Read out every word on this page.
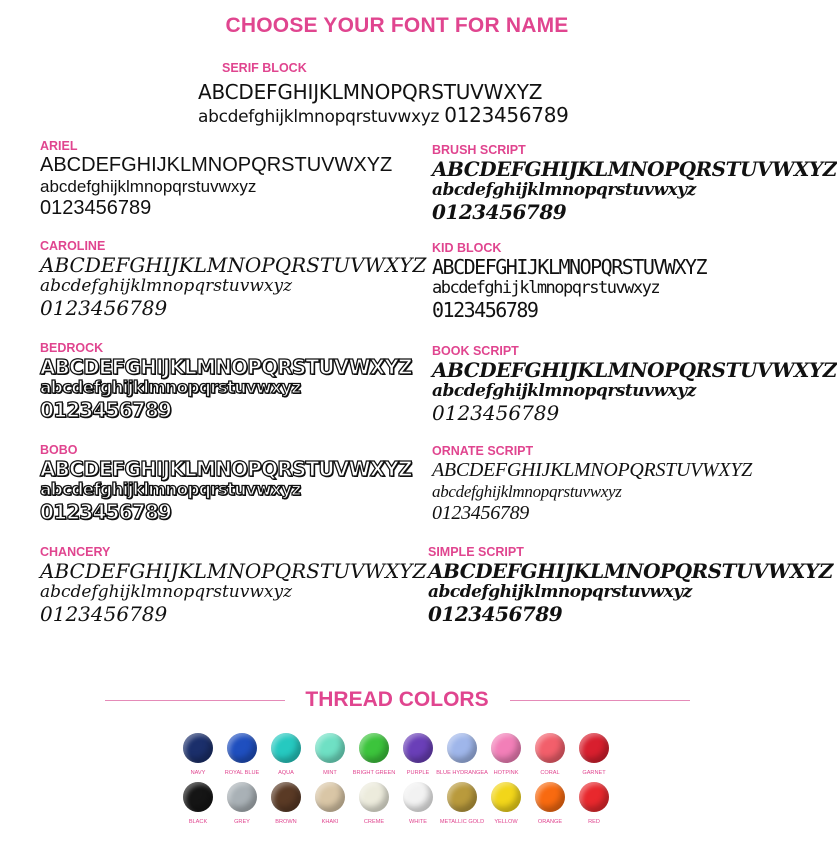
CHOOSE YOUR FONT FOR NAME
SERIF BLOCK
ABCDEFGHIJKLMNOPQRSTUVWXYZ
abcdefghijklmnopqrstuvwxyz 0123456789
ARIEL
ABCDEFGHIJKLMNOPQRSTUVWXYZ
abcdefghijklmnopqrstuvwxyz
0123456789
CAROLINE
ABCDEFGHIJKLMNOPQRSTUVWXYZ
abcdefghijklmnopqrstuvwxyz
0123456789
BEDROCK
ABCDEFGHIJKLMNOPQRSTUVWXYZ
abcdefghijklmnopqrstuvwxyz
0123456789
BOBO
ABCDEFGHIJKLMNOPQRSTUVWXYZ
abcdefghijklmnopqrstuvwxyz
0123456789
CHANCERY
ABCDEFGHIJKLMNOPQRSTUVWXYZ
abcdefghijklmnopqrstuvwxyz
0123456789
BRUSH SCRIPT
ABCDEFGHIJKLMNOPQRSTUVWXYZ
abcdefghijklmnopqrstuvwxyz
0123456789
KID BLOCK
ABCDEFGHIJKLMNOPQRSTUVWXYZ
abcdefghijklmnopqrstuvwxyz
0123456789
BOOK SCRIPT
ABCDEFGHIJKLMNOPQRSTUVWXYZ
abcdefghijklmnopqrstuvwxyz
0123456789
ORNATE SCRIPT
ABCDEFGHIJKLMNOPQRSTUVWXYZ
abcdefghijklmnopqrstuvwxyz
0123456789
SIMPLE SCRIPT
ABCDEFGHIJKLMNOPQRSTUVWXYZ
abcdefghijklmnopqrstuvwxyz
0123456789
THREAD COLORS
NAVY	ROYAL BLUE	AQUA	MINT	BRIGHT GREEN PURPLE BLUE HYDRANGEA HOTPINK	CORAL	GARNET
BLACK	GREY	BROWN	KHAKI	CREME	WHITE METALLIC GOLD YELLOW	ORANGE	RED
